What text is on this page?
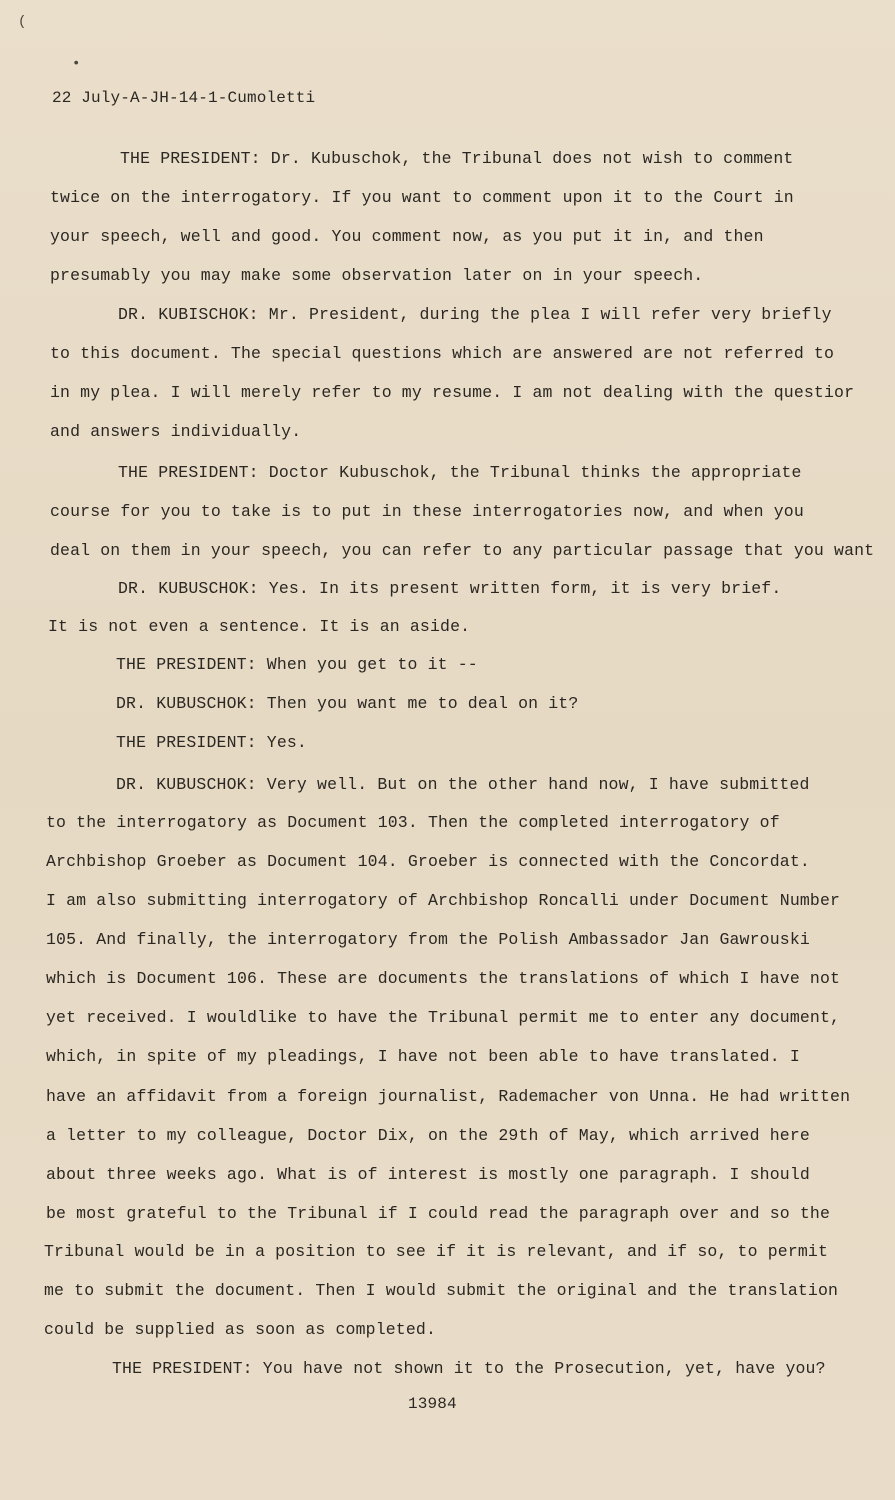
(
•
22 July-A-JH-14-1-Cumoletti
THE PRESIDENT: Dr. Kubuschok, the Tribunal does not wish to comment
twice on the interrogatory. If you want to comment upon it to the Court in
your speech, well and good. You comment now, as you put it in, and then
presumably you may make some observation later on in your speech.
DR. KUBISCHOK: Mr. President, during the plea I will refer very briefly
to this document. The special questions which are answered are not referred to
in my plea. I will merely refer to my resume. I am not dealing with the questior
and answers individually.
THE PRESIDENT: Doctor Kubuschok, the Tribunal thinks the appropriate
course for you to take is to put in these interrogatories now, and when you
deal on them in your speech, you can refer to any particular passage that you want
DR. KUBUSCHOK: Yes. In its present written form, it is very brief.
It is not even a sentence. It is an aside.
THE PRESIDENT: When you get to it --
DR. KUBUSCHOK: Then you want me to deal on it?
THE PRESIDENT: Yes.
DR. KUBUSCHOK: Very well. But on the other hand now, I have submitted
to the interrogatory as Document 103. Then the completed interrogatory of
Archbishop Groeber as Document 104. Groeber is connected with the Concordat.
I am also submitting interrogatory of Archbishop Roncalli under Document Number
105. And finally, the interrogatory from the Polish Ambassador Jan Gawrouski
which is Document 106. These are documents the translations of which I have not
yet received. I wouldlike to have the Tribunal permit me to enter any document,
which, in spite of my pleadings, I have not been able to have translated. I
have an affidavit from a foreign journalist, Rademacher von Unna. He had written
a letter to my colleague, Doctor Dix, on the 29th of May, which arrived here
about three weeks ago. What is of interest is mostly one paragraph. I should
be most grateful to the Tribunal if I could read the paragraph over and so the
Tribunal would be in a position to see if it is relevant, and if so, to permit
me to submit the document. Then I would submit the original and the translation
could be supplied as soon as completed.
THE PRESIDENT: You have not shown it to the Prosecution, yet, have you?
13984
